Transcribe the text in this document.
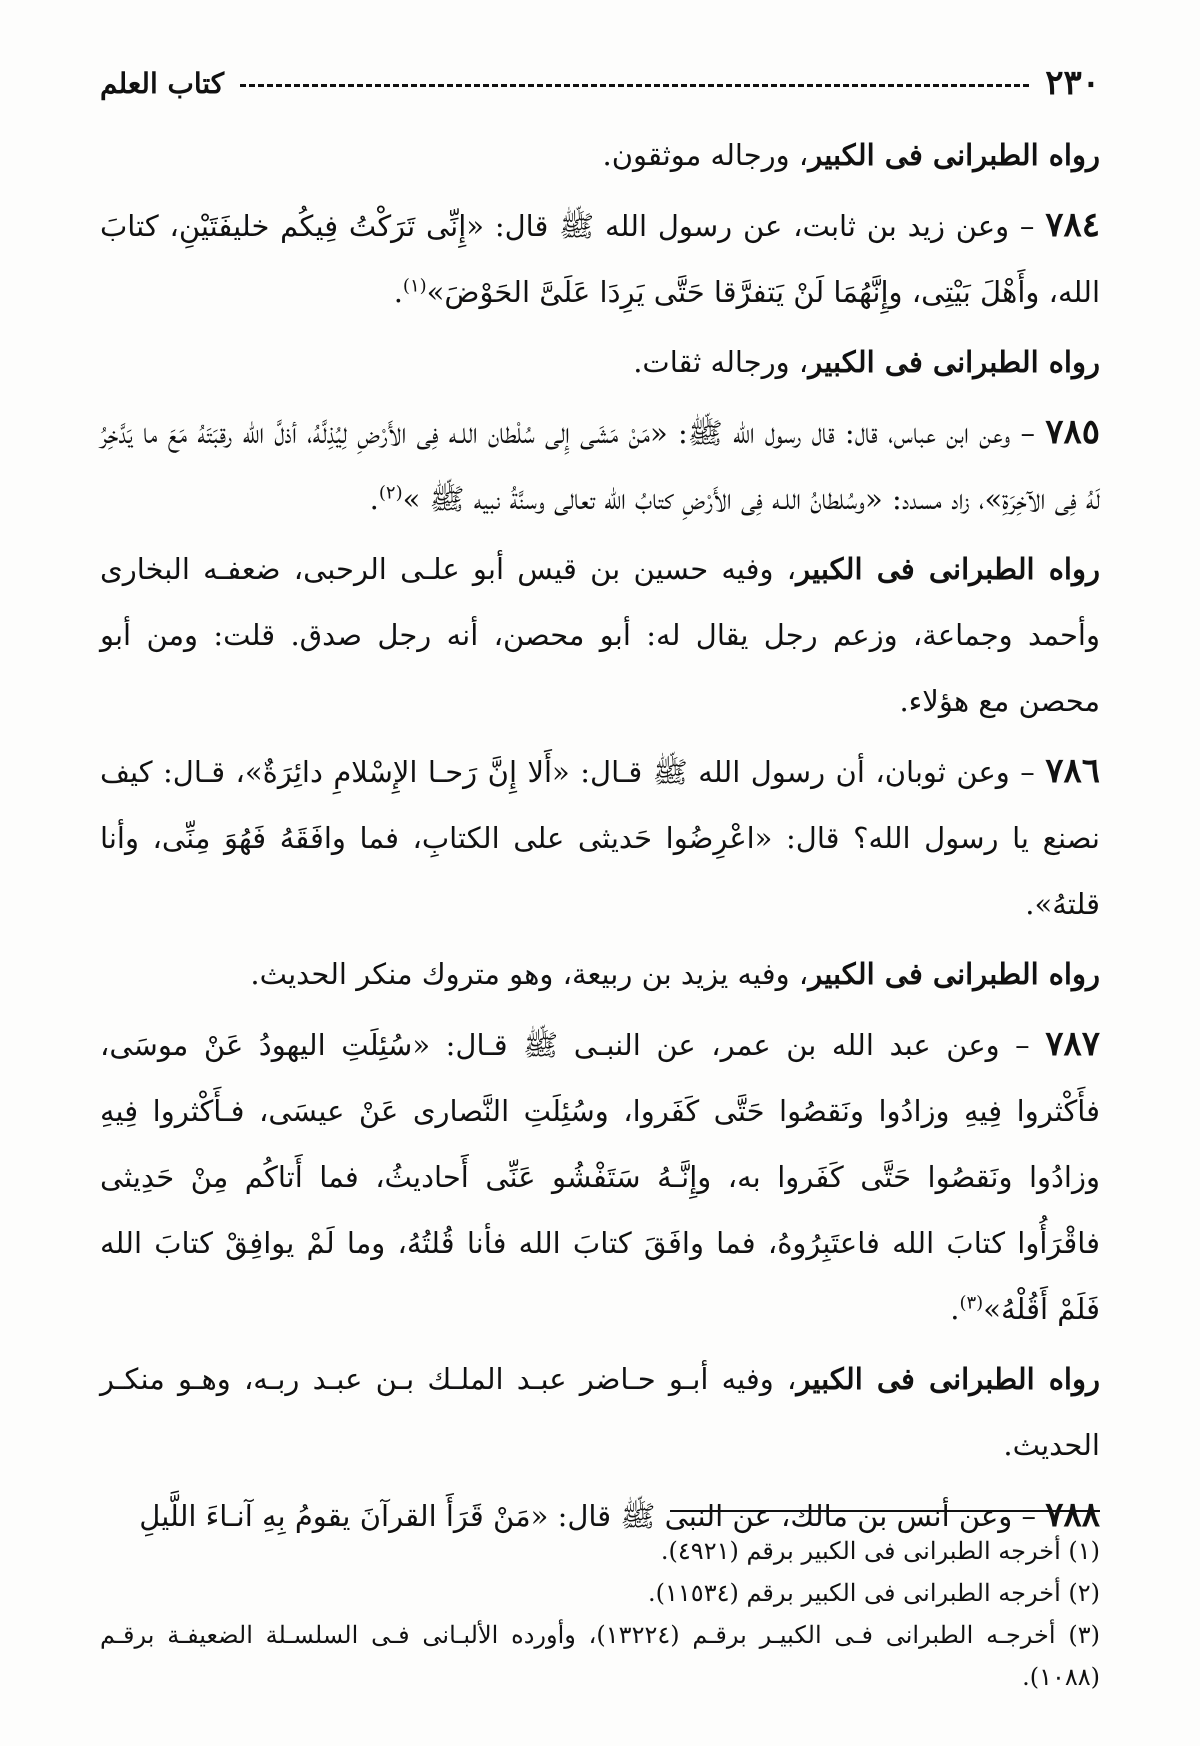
٢٣٠
كتاب العلم

رواه الطبرانى فى الكبير، ورجاله موثقون.

٧٨٤ – وعن زيد بن ثابت، عن رسول الله ﷺ قال: «إِنِّى تَرَكْتُ فِيكُم خليفَتَيْنِ، كتابَ الله، وأَهْلَ بَيْتِى، وإِنَّهُمَا لَنْ يَتفرَّقا حَتَّى يَرِدَا عَلَىَّ الحَوْضَ»$^{(١)}$.

رواه الطبرانى فى الكبير، ورجاله ثقات.

٧٨٥ – وعن ابن عباس، قال: قال رسول الله ﷺ: «مَنْ مَشَى إِلى سُلْطان اللـه فِى الأَرْضِ لِيُذِلَّهُ، أذلَّ الله رقبَتَهُ مَعَ ما يَدَّخِرُ لَهُ فِى الآخِرَةِ»، زاد مسدد: «وسُلطانُ اللـه فِى الأَرْضِ كتابُ الله تعالى وسنَّةُ نبيه ﷺ »$^{(٢)}$.

رواه الطبرانى فى الكبير، وفيه حسين بن قيس أبو علـى الرحبى، ضعفـه البخارى وأحمد وجماعة، وزعم رجل يقال له: أبو محصن، أنه رجل صدق. قلت: ومن أبو محصن مع هؤلاء.

٧٨٦ – وعن ثوبان، أن رسول الله ﷺ قـال: «أَلا إِنَّ رَحـا الإِسْلامِ دائِرَةٌ»، قـال: كيف نصنع يا رسول الله؟ قال: «اعْرِضُوا حَديثى على الكتابِ، فما وافَقَهُ فَهُوَ مِنِّى، وأنا قلتهُ».

رواه الطبرانى فى الكبير، وفيه يزيد بن ربيعة، وهو متروك منكر الحديث.

٧٨٧ – وعن عبد الله بن عمر، عن النبـى ﷺ قـال: «سُئِلَتِ اليهودُ عَنْ موسَى، فأَكْثروا فِيهِ وزادُوا ونَقصُوا حَتَّى كَفَروا، وسُئِلَتِ النَّصارى عَنْ عيسَى، فـأَكْثروا فِيهِ وزادُوا ونَقصُوا حَتَّى كَفَروا به، وإِنَّـهُ سَتَفْشُو عَنِّى أَحاديثُ، فما أَتاكُم مِنْ حَدِيثى فاقْرَأُوا كتابَ الله فاعتَبِرُوهُ، فما وافَقَ كتابَ الله فأنا قُلتُهُ، وما لَمْ يوافِقْ كتابَ الله فَلَمْ أَقُلْهُ»$^{(٣)}$.

رواه الطبرانى فى الكبير، وفيه أبـو حـاضر عبـد الملـك بـن عبـد ربـه، وهـو منكـر الحديث.

٧٨٨ – وعن أنس بن مالك، عن النبى ﷺ قال: «مَنْ قَرَأَ القرآنَ يقومُ بِهِ آنـاءَ اللَّيلِ

(١) أخرجه الطبرانى فى الكبير برقم (٤٩٢١).

(٢) أخرجه الطبرانى فى الكبير برقم (١١٥٣٤).

(٣) أخرجـه الطبرانى فـى الكبيـر برقـم (١٣٢٢٤)، وأورده الألبـانى فـى السلسـلة الضعيفـة برقـم (١٠٨٨).
